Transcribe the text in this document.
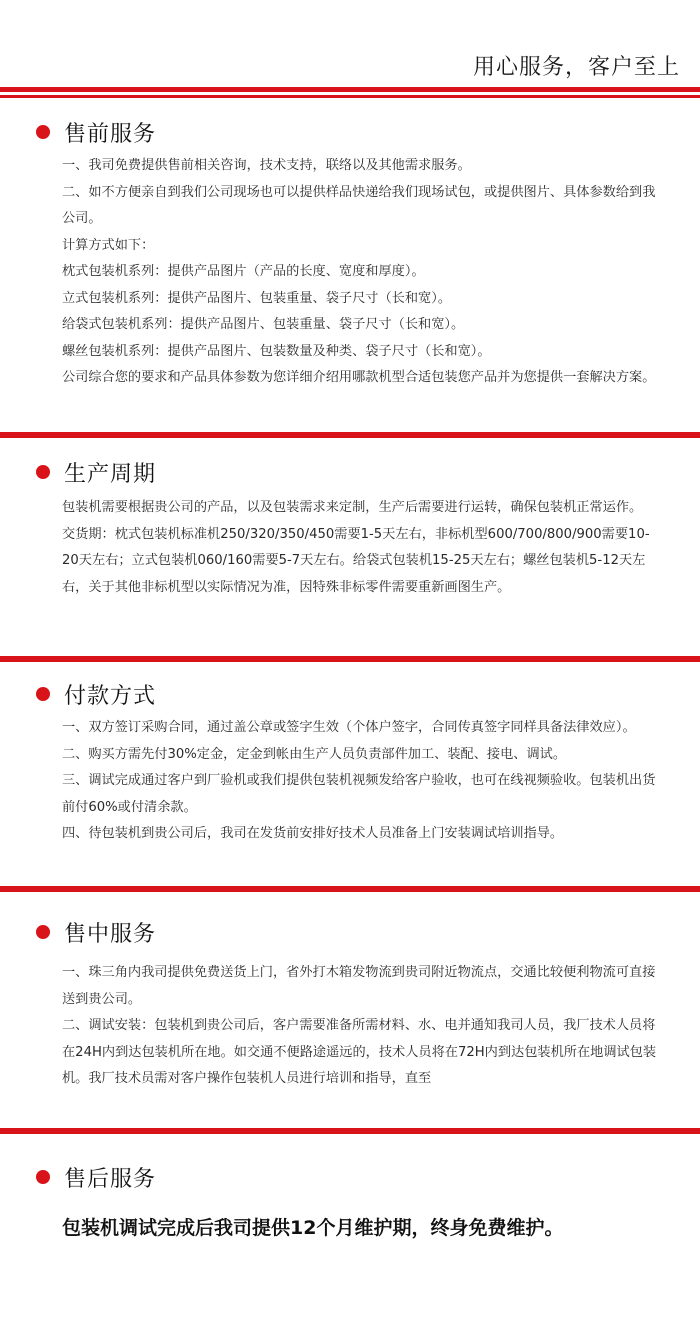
用心服务，客户至上
售前服务

一、我司免费提供售前相关咨询，技术支持，联络以及其他需求服务。

二、如不方便亲自到我们公司现场也可以提供样品快递给我们现场试包，或提供图片、具体参数给到我公司。

计算方式如下：

枕式包装机系列：提供产品图片（产品的长度、宽度和厚度）。

立式包装机系列：提供产品图片、包装重量、袋子尺寸（长和宽）。

给袋式包装机系列：提供产品图片、包装重量、袋子尺寸（长和宽）。

螺丝包装机系列：提供产品图片、包装数量及种类、袋子尺寸（长和宽）。

公司综合您的要求和产品具体参数为您详细介绍用哪款机型合适包装您产品并为您提供一套解决方案。

生产周期

包装机需要根据贵公司的产品，以及包装需求来定制，生产后需要进行运转，确保包装机正常运作。

交货期：枕式包装机标准机250/320/350/450需要1-5天左右，非标机型600/700/800/900需要10-20天左右；立式包装机060/160需要5-7天左右。给袋式包装机15-25天左右；螺丝包装机5-12天左右，关于其他非标机型以实际情况为准，因特殊非标零件需要重新画图生产。

付款方式

一、双方签订采购合同，通过盖公章或签字生效（个体户签字，合同传真签字同样具备法律效应）。

二、购买方需先付30%定金，定金到帐由生产人员负责部件加工、装配、接电、调试。

三、调试完成通过客户到厂验机或我们提供包装机视频发给客户验收，也可在线视频验收。包装机出货前付60%或付清余款。

四、待包装机到贵公司后，我司在发货前安排好技术人员准备上门安装调试培训指导。

售中服务

一、珠三角内我司提供免费送货上门，省外打木箱发物流到贵司附近物流点，交通比较便利物流可直接送到贵公司。

二、调试安装：包装机到贵公司后，客户需要准备所需材料、水、电并通知我司人员，我厂技术人员将在24H内到达包装机所在地。如交通不便路途遥远的，技术人员将在72H内到达包装机所在地调试包装机。我厂技术员需对客户操作包装机人员进行培训和指导，直至

售后服务
包装机调试完成后我司提供12个月维护期，终身免费维护。
